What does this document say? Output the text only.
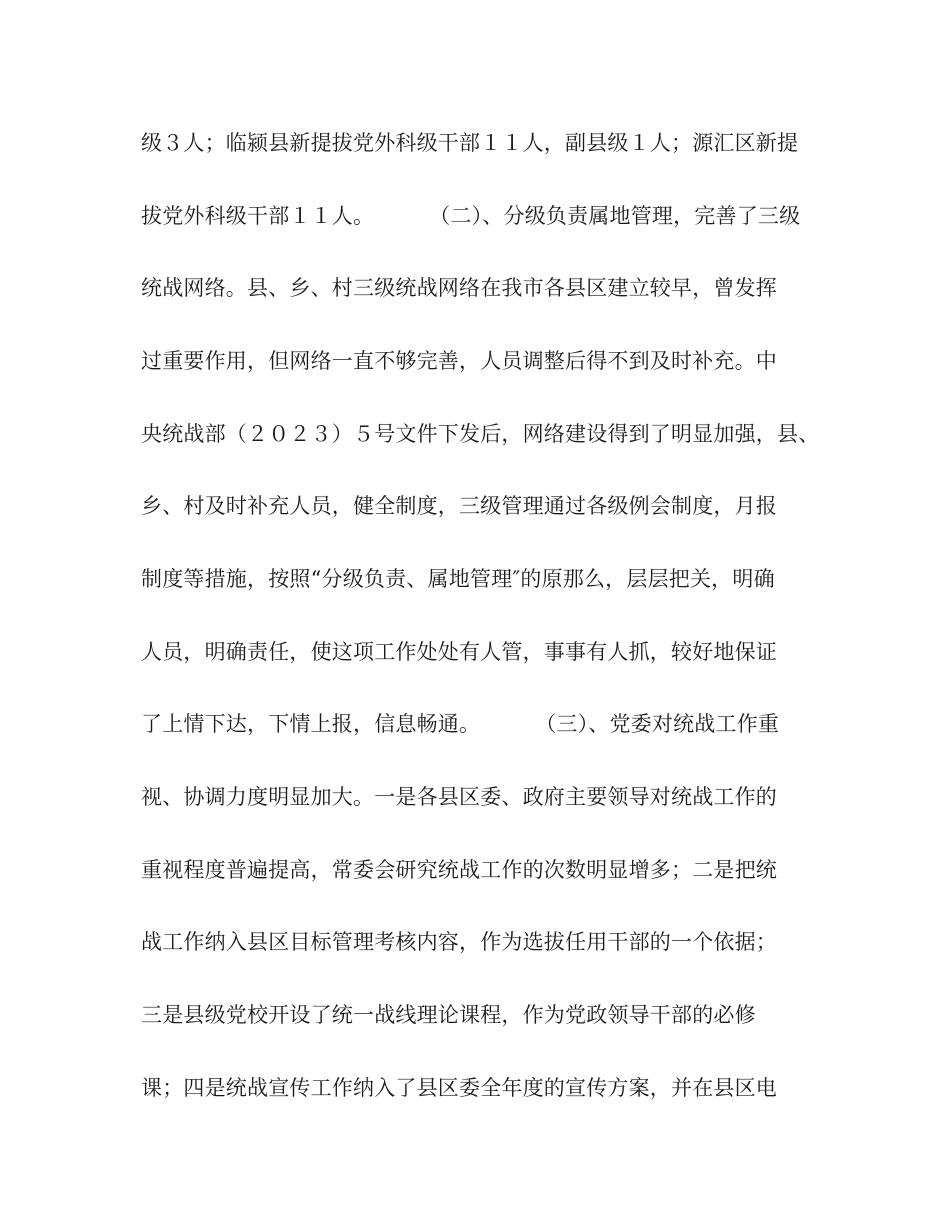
级３人；临颍县新提拔党外科级干部１１人，副县级１人；源汇区新提
拔党外科级干部１１人。        （二）、分级负责属地管理，完善了三级
统战网络。县、乡、村三级统战网络在我市各县区建立较早，曾发挥
过重要作用，但网络一直不够完善，人员调整后得不到及时补充。中
央统战部（２０２３）５号文件下发后，网络建设得到了明显加强，县、
乡、村及时补充人员，健全制度，三级管理通过各级例会制度，月报
制度等措施，按照“分级负责、属地管理″的原那么，层层把关，明确
人员，明确责任，使这项工作处处有人管，事事有人抓，较好地保证
了上情下达，下情上报，信息畅通。        （三）、党委对统战工作重
视、协调力度明显加大。一是各县区委、政府主要领导对统战工作的
重视程度普遍提高，常委会研究统战工作的次数明显增多；二是把统
战工作纳入县区目标管理考核内容，作为选拔任用干部的一个依据；
三是县级党校开设了统一战线理论课程，作为党政领导干部的必修
课；四是统战宣传工作纳入了县区委全年度的宣传方案，并在县区电
